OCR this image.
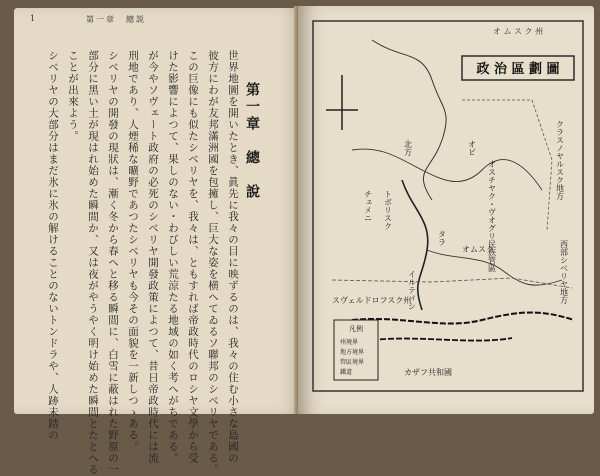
1	第一章　總説
第一章　總　說
世界地圖を開いたとき、眞先に我々の目に映ずるのは、我々の住む小さな島國の
彼方にわが友邦滿洲國を包擁し、巨大な姿を横へてゐるソ聯邦のシベリヤである。
この巨像にも似たシベリヤを、我々は、ともすれば帝政時代のロシヤ文學から受
けた影響によつて、果しのない・わびしい荒涼たる地域の如く考へがちである。
が今やソヴェート政府の必死のシベリヤ開發政策によつて、昔日帝政時代には流
刑地であり、人煙稀な曠野であつたシベリヤも今その面貌を一新しつゝある。
シベリヤの開發の現狀は、漸く冬から春へと移る瞬間に、白雪に蔽はれた野原の一
部分に黑い土が現はれ始めた瞬間か、又は夜がやうやく明け始めた瞬間とたとへる
ことが出來よう。
シベリヤの大部分はまだ氷に氷の解けることのないトンドラや、人跡未踏の	政 治 區 劃 圖
オ ム ス ク 州
クラスノヤルスク地方
西部シベリヤ地方
オスチヤク・ヴオグリ民族管區
オビ
北方
トボリスク
チュメニ
タラ
スヴェルドロフスク州
カザフ共和國
オムスク
イルティシ
凡例
州境界
地方境界
管區境界
鐵道
